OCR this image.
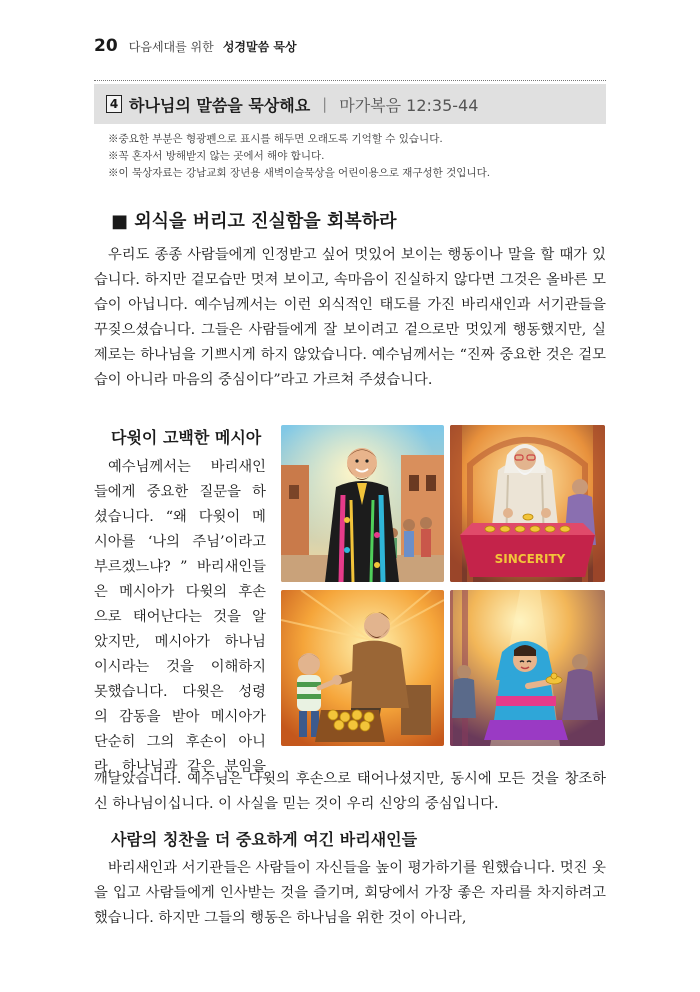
20 다음세대를 위한 성경말씀 묵상
4 하나님의 말씀을 묵상해요 | 마가복음 12:35-44
※중요한 부분은 형광펜으로 표시를 해두면 오래도록 기억할 수 있습니다.
※꼭 혼자서 방해받지 않는 곳에서 해야 합니다.
※이 묵상자료는 강남교회 장년용 새벽이슬묵상을 어린이용으로 재구성한 것입니다.
■ 외식을 버리고 진실함을 회복하라

우리도 종종 사람들에게 인정받고 싶어 멋있어 보이는 행동이나 말을 할 때가 있습니다. 하지만 겉모습만 멋져 보이고, 속마음이 진실하지 않다면 그것은 올바른 모습이 아닙니다. 예수님께서는 이런 외식적인 태도를 가진 바리새인과 서기관들을 꾸짖으셨습니다. 그들은 사람들에게 잘 보이려고 겉으로만 멋있게 행동했지만, 실제로는 하나님을 기쁘시게 하지 않았습니다. 예수님께서는 “진짜 중요한 것은 겉모습이 아니라 마음의 중심이다”라고 가르쳐 주셨습니다.

다윗이 고백한 메시아
예수님께서는 바리새인
들에게 중요한 질문을 하
셨습니다. “왜 다윗이 메
시아를 ‘나의 주님’이라고
부르겠느냐? ” 바리새인들
은 메시아가 다윗의 후손
으로 태어난다는 것을 알
았지만, 메시아가 하나님
이시라는 것을 이해하지
못했습니다. 다윗은 성령
의 감동을 받아 메시아가
단순히 그의 후손이 아니
라, 하나님과 같은 분임을

깨달았습니다. 예수님은 다윗의 후손으로 태어나셨지만, 동시에 모든 것을 창조하신 하나님이십니다. 이 사실을 믿는 것이 우리 신앙의 중심입니다.

SINCERITY
사람의 칭찬을 더 중요하게 여긴 바리새인들

바리새인과 서기관들은 사람들이 자신들을 높이 평가하기를 원했습니다. 멋진 옷을 입고 사람들에게 인사받는 것을 즐기며, 회당에서 가장 좋은 자리를 차지하려고 했습니다. 하지만 그들의 행동은 하나님을 위한 것이 아니라,
